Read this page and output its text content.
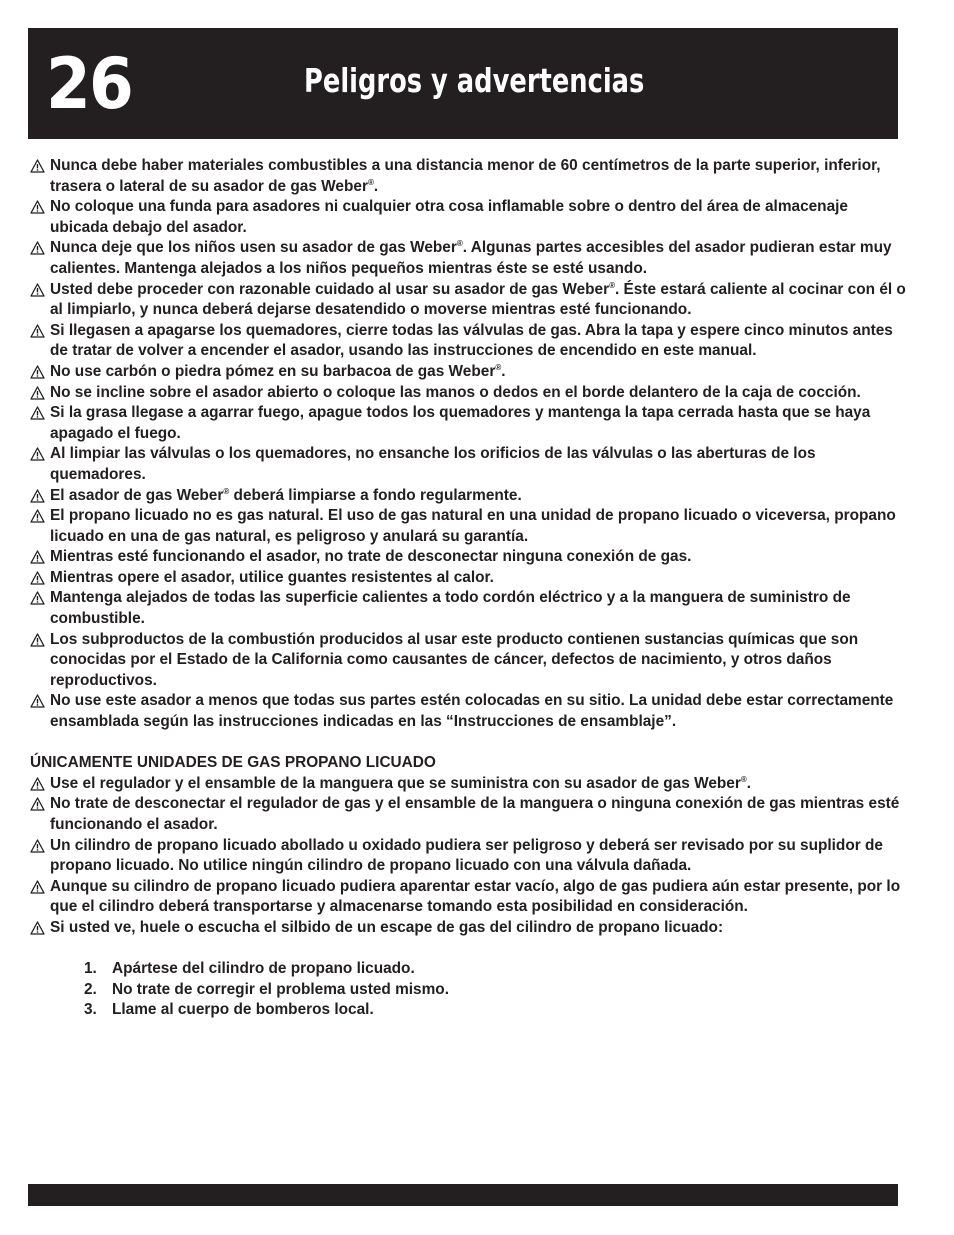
26	Peligros y advertencias
Nunca debe haber materiales combustibles a una distancia menor de 60 centímetros de la parte superior, inferior, trasera o lateral de su asador de gas Weber®.
No coloque una funda para asadores ni cualquier otra cosa inflamable sobre o dentro del área de almacenaje ubicada debajo del asador.
Nunca deje que los niños usen su asador de gas Weber®. Algunas partes accesibles del asador pudieran estar muy calientes. Mantenga alejados a los niños pequeños mientras éste se esté usando.
Usted debe proceder con razonable cuidado al usar su asador de gas Weber®. Éste estará caliente al cocinar con él o al limpiarlo, y nunca deberá dejarse desatendido o moverse mientras esté funcionando.
Si llegasen a apagarse los quemadores, cierre todas las válvulas de gas. Abra la tapa y espere cinco minutos antes de tratar de volver a encender el asador, usando las instrucciones de encendido en este manual.
No use carbón o piedra pómez en su barbacoa de gas Weber®.
No se incline sobre el asador abierto o coloque las manos o dedos en el borde delantero de la caja de cocción.
Si la grasa llegase a agarrar fuego, apague todos los quemadores y mantenga la tapa cerrada hasta que se haya apagado el fuego.
Al limpiar las válvulas o los quemadores, no ensanche los orificios de las válvulas o las aberturas de los quemadores.
El asador de gas Weber® deberá limpiarse a fondo regularmente.
El propano licuado no es gas natural. El uso de gas natural en una unidad de propano licuado o viceversa, propano licuado en una de gas natural, es peligroso y anulará su garantía.
Mientras esté funcionando el asador, no trate de desconectar ninguna conexión de gas.
Mientras opere el asador, utilice guantes resistentes al calor.
Mantenga alejados de todas las superficie calientes a todo cordón eléctrico y a la manguera de suministro de combustible.
Los subproductos de la combustión producidos al usar este producto contienen sustancias químicas que son conocidas por el Estado de la California como causantes de cáncer, defectos de nacimiento, y otros daños reproductivos.
No use este asador a menos que todas sus partes estén colocadas en su sitio. La unidad debe estar correctamente ensamblada según las instrucciones indicadas en las “Instrucciones de ensamblaje”.
ÚNICAMENTE UNIDADES DE GAS PROPANO LICUADO
Use el regulador y el ensamble de la manguera que se suministra con su asador de gas Weber®.
No trate de desconectar el regulador de gas y el ensamble de la manguera o ninguna conexión de gas mientras esté funcionando el asador.
Un cilindro de propano licuado abollado u oxidado pudiera ser peligroso y deberá ser revisado por su suplidor de propano licuado. No utilice ningún cilindro de propano licuado con una válvula dañada.
Aunque su cilindro de propano licuado pudiera aparentar estar vacío, algo de gas pudiera aún estar presente, por lo que el cilindro deberá transportarse y almacenarse tomando esta posibilidad en consideración.
Si usted ve, huele o escucha el silbido de un escape de gas del cilindro de propano licuado:
1. Apártese del cilindro de propano licuado.
2. No trate de corregir el problema usted mismo.
3. Llame al cuerpo de bomberos local.
